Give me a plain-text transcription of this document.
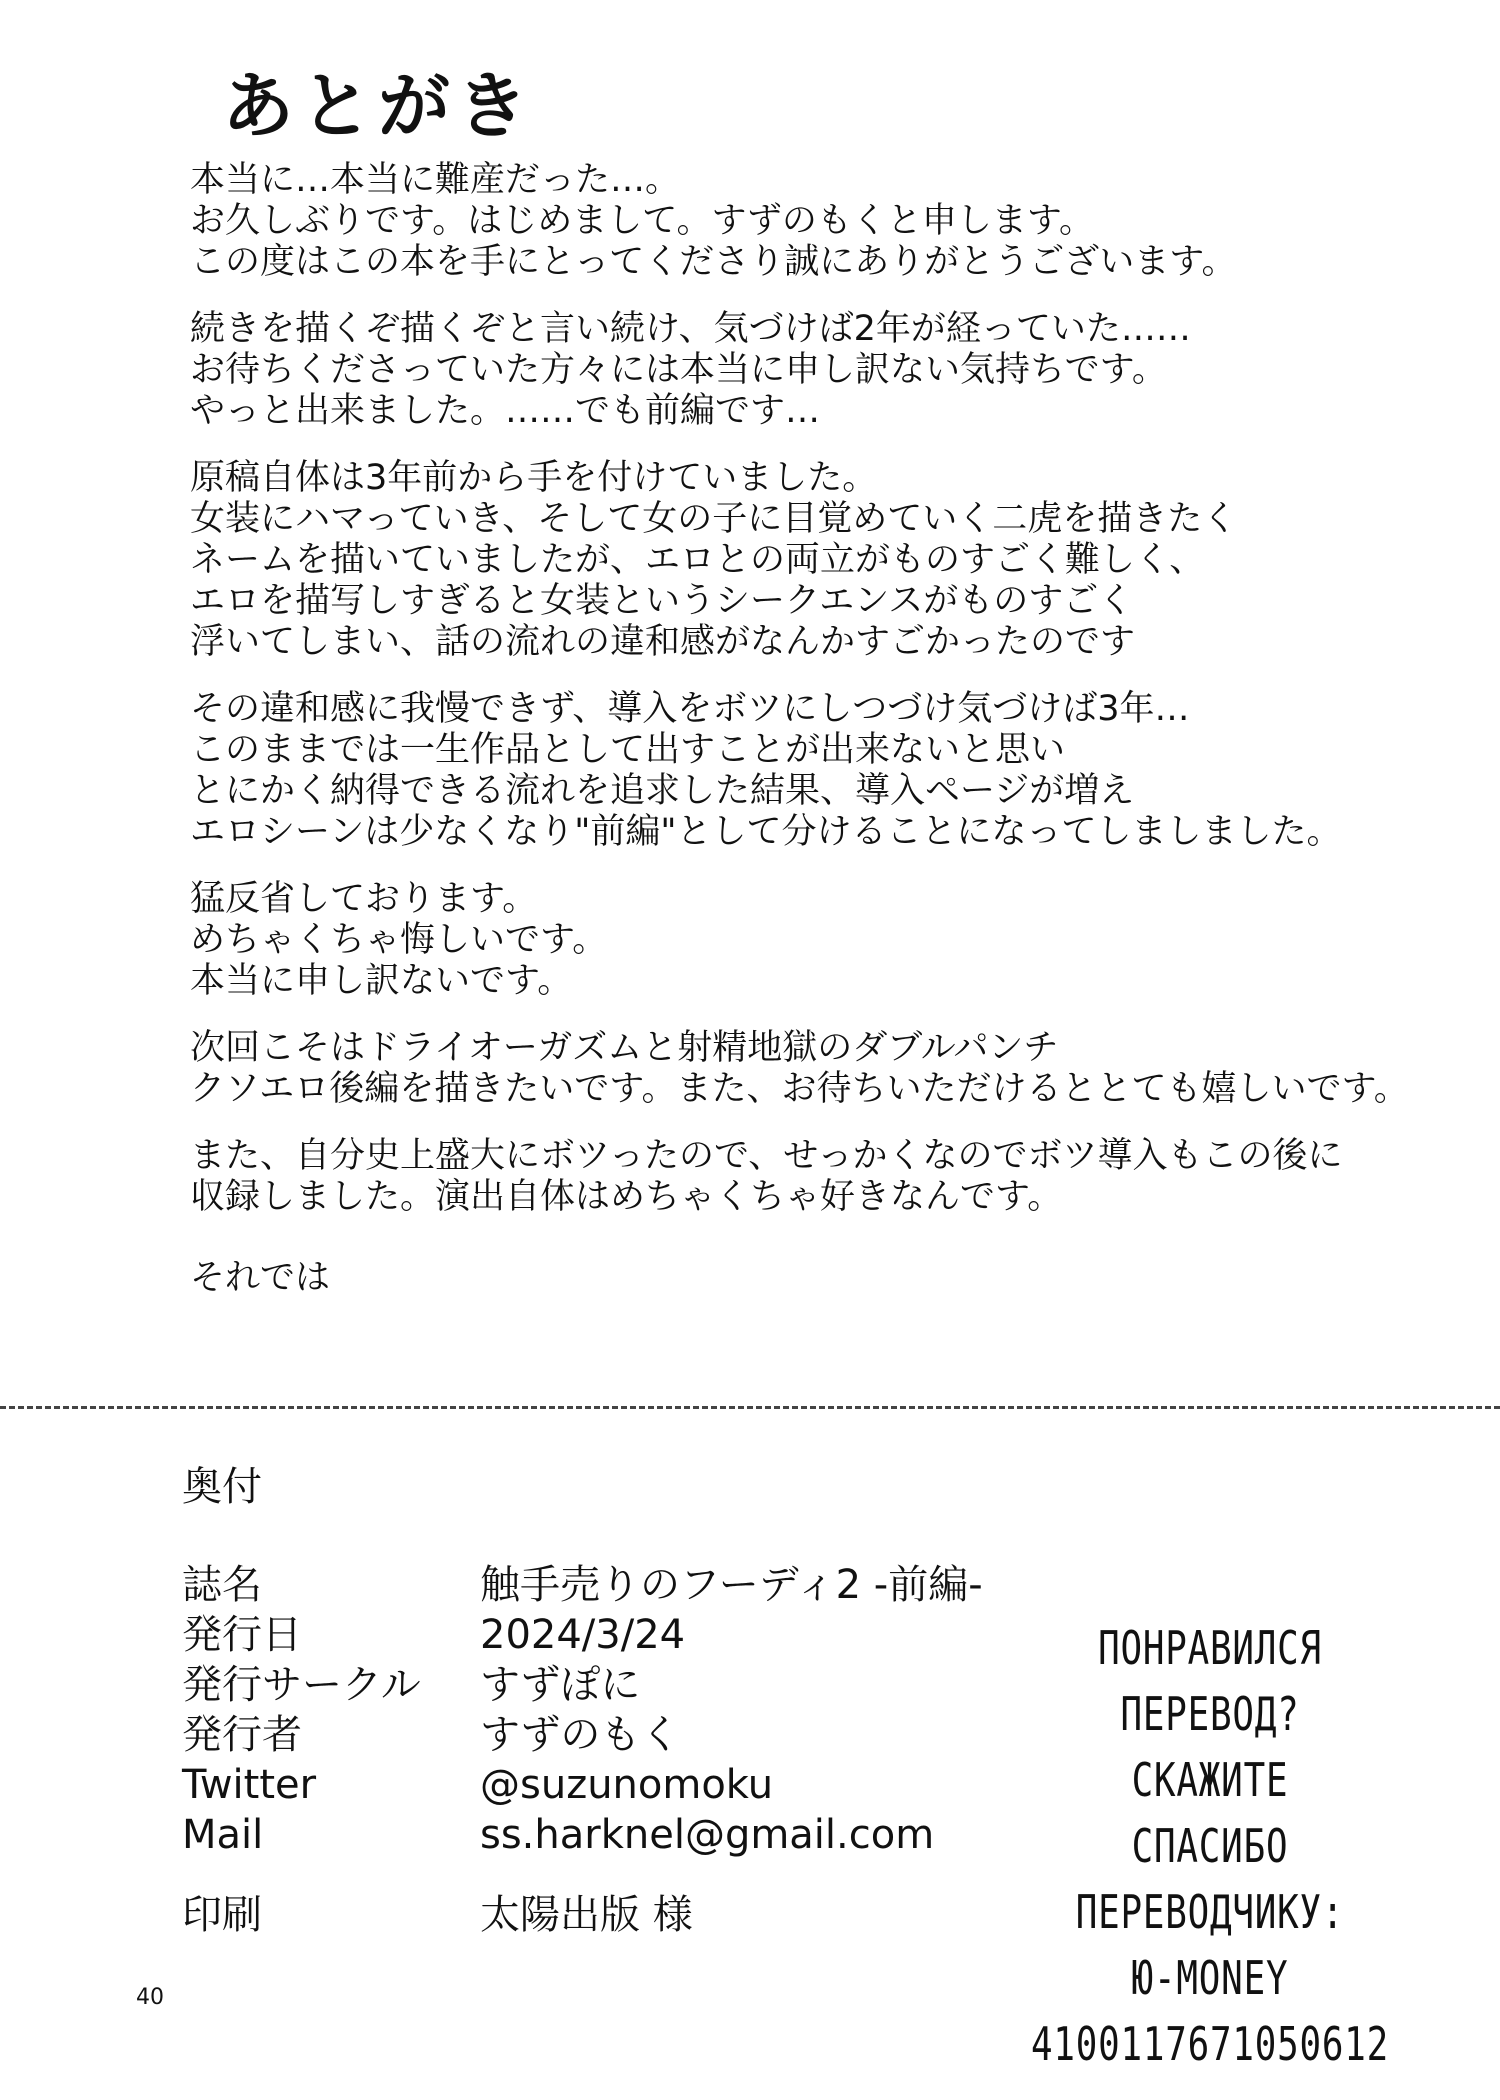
あとがき

本当に…本当に難産だった…。
お久しぶりです。はじめまして。すずのもくと申します。
この度はこの本を手にとってくださり誠にありがとうございます。

続きを描くぞ描くぞと言い続け、気づけば2年が経っていた……
お待ちくださっていた方々には本当に申し訳ない気持ちです。
やっと出来ました。……でも前編です…

原稿自体は3年前から手を付けていました。
女装にハマっていき、そして女の子に目覚めていく二虎を描きたく
ネームを描いていましたが、エロとの両立がものすごく難しく、
エロを描写しすぎると女装というシークエンスがものすごく
浮いてしまい、話の流れの違和感がなんかすごかったのです

その違和感に我慢できず、導入をボツにしつづけ気づけば3年…
このままでは一生作品として出すことが出来ないと思い
とにかく納得できる流れを追求した結果、導入ページが増え
エロシーンは少なくなり"前編"として分けることになってしましました。

猛反省しております。
めちゃくちゃ悔しいです。
本当に申し訳ないです。

次回こそはドライオーガズムと射精地獄のダブルパンチ
クソエロ後編を描きたいです。また、お待ちいただけるととても嬉しいです。

また、自分史上盛大にボツったので、せっかくなのでボツ導入もこの後に
収録しました。演出自体はめちゃくちゃ好きなんです。

それでは

奥付
誌名	触手売りのフーディ2 -前編-
発行日	2024/3/24
発行サークル	すずぽに
発行者	すずのもく
Twitter	@suzunomoku
Mail	ss.harknel@gmail.com
印刷	太陽出版 様
40
ПОНРАВИЛСЯ
ПЕРЕВОД?
СКАЖИТЕ
СПАСИБО
ПЕРЕВОДЧИКУ:
Ю-MONEY
4100117671050612
